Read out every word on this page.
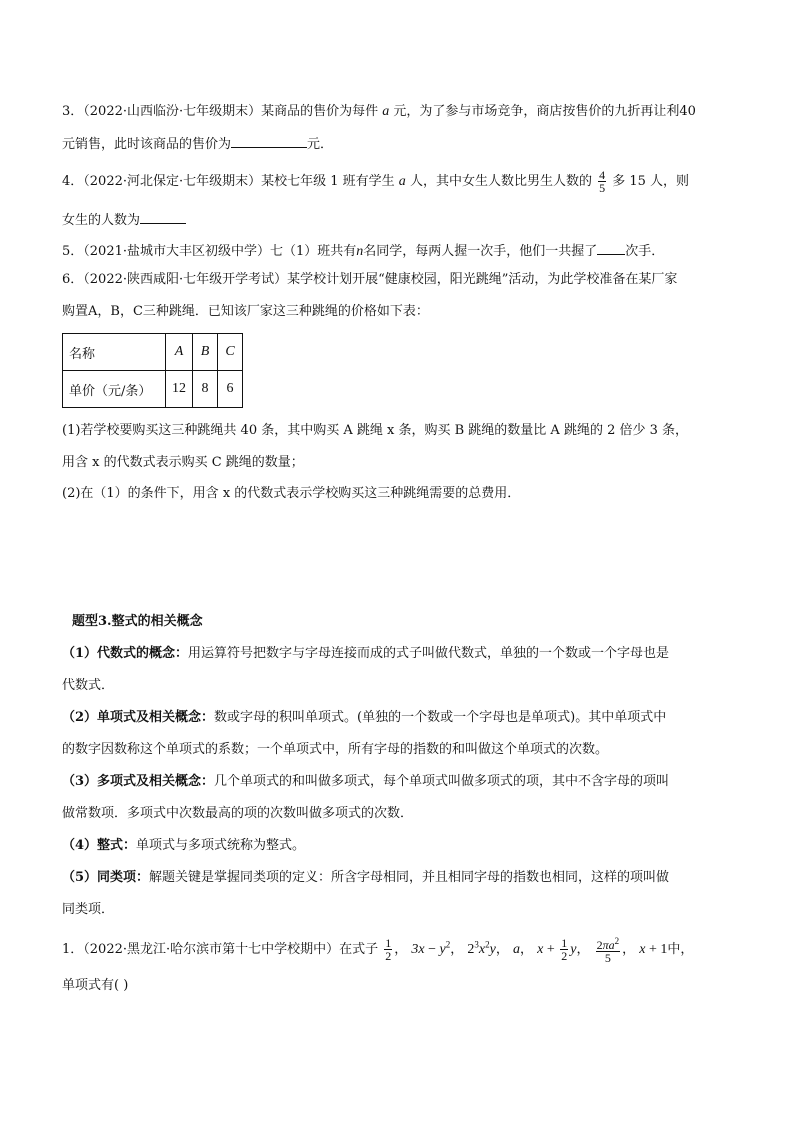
3．（2022·山西临汾·七年级期末）某商品的售价为每件 a 元，为了参与市场竞争，商店按售价的九折再让利40
元销售，此时该商品的售价为	元．
4．（2022·河北保定·七年级期末）某校七年级 1 班有学生 a 人，其中女生人数比男生人数的 $\frac{4}{5}$ 多 15 人，则
女生的人数为
5．（2021·盐城市大丰区初级中学）七（1）班共有n名同学，每两人握一次手，他们一共握了 次手．
6．（2022·陕西咸阳·七年级开学考试）某学校计划开展“健康校园，阳光跳绳”活动，为此学校准备在某厂家
购置A，B，C三种跳绳．已知该厂家这三种跳绳的价格如下表：
名称	A	B	C
单价（元/条）	12	8	6
(1)若学校要购买这三种跳绳共 40 条，其中购买 A 跳绳 x 条，购买 B 跳绳的数量比 A 跳绳的 2 倍少 3 条，
用含 x 的代数式表示购买 C 跳绳的数量；
(2)在（1）的条件下，用含 x 的代数式表示学校购买这三种跳绳需要的总费用．
题型3.整式的相关概念
（1）代数式的概念：用运算符号把数字与字母连接而成的式子叫做代数式，单独的一个数或一个字母也是
代数式．
（2）单项式及相关概念：数或字母的积叫单项式。(单独的一个数或一个字母也是单项式)。其中单项式中
的数字因数称这个单项式的系数；一个单项式中，所有字母的指数的和叫做这个单项式的次数。
（3）多项式及相关概念：几个单项式的和叫做多项式，每个单项式叫做多项式的项，其中不含字母的项叫
做常数项．多项式中次数最高的项的次数叫做多项式的次数．
（4）整式：单项式与多项式统称为整式。
（5）同类项：解题关键是掌握同类项的定义：所含字母相同，并且相同字母的指数也相同，这样的项叫做
同类项．
1．（2022·黑龙江·哈尔滨市第十七中学校期中）在式子 $\frac{1}{2}$ ， $3x - y^2$， $2^3x^2y$， a， $x + \frac{1}{2}$ y， $\frac{2\pi a^2}{5}$ ， x + 1中，
单项式有( )
